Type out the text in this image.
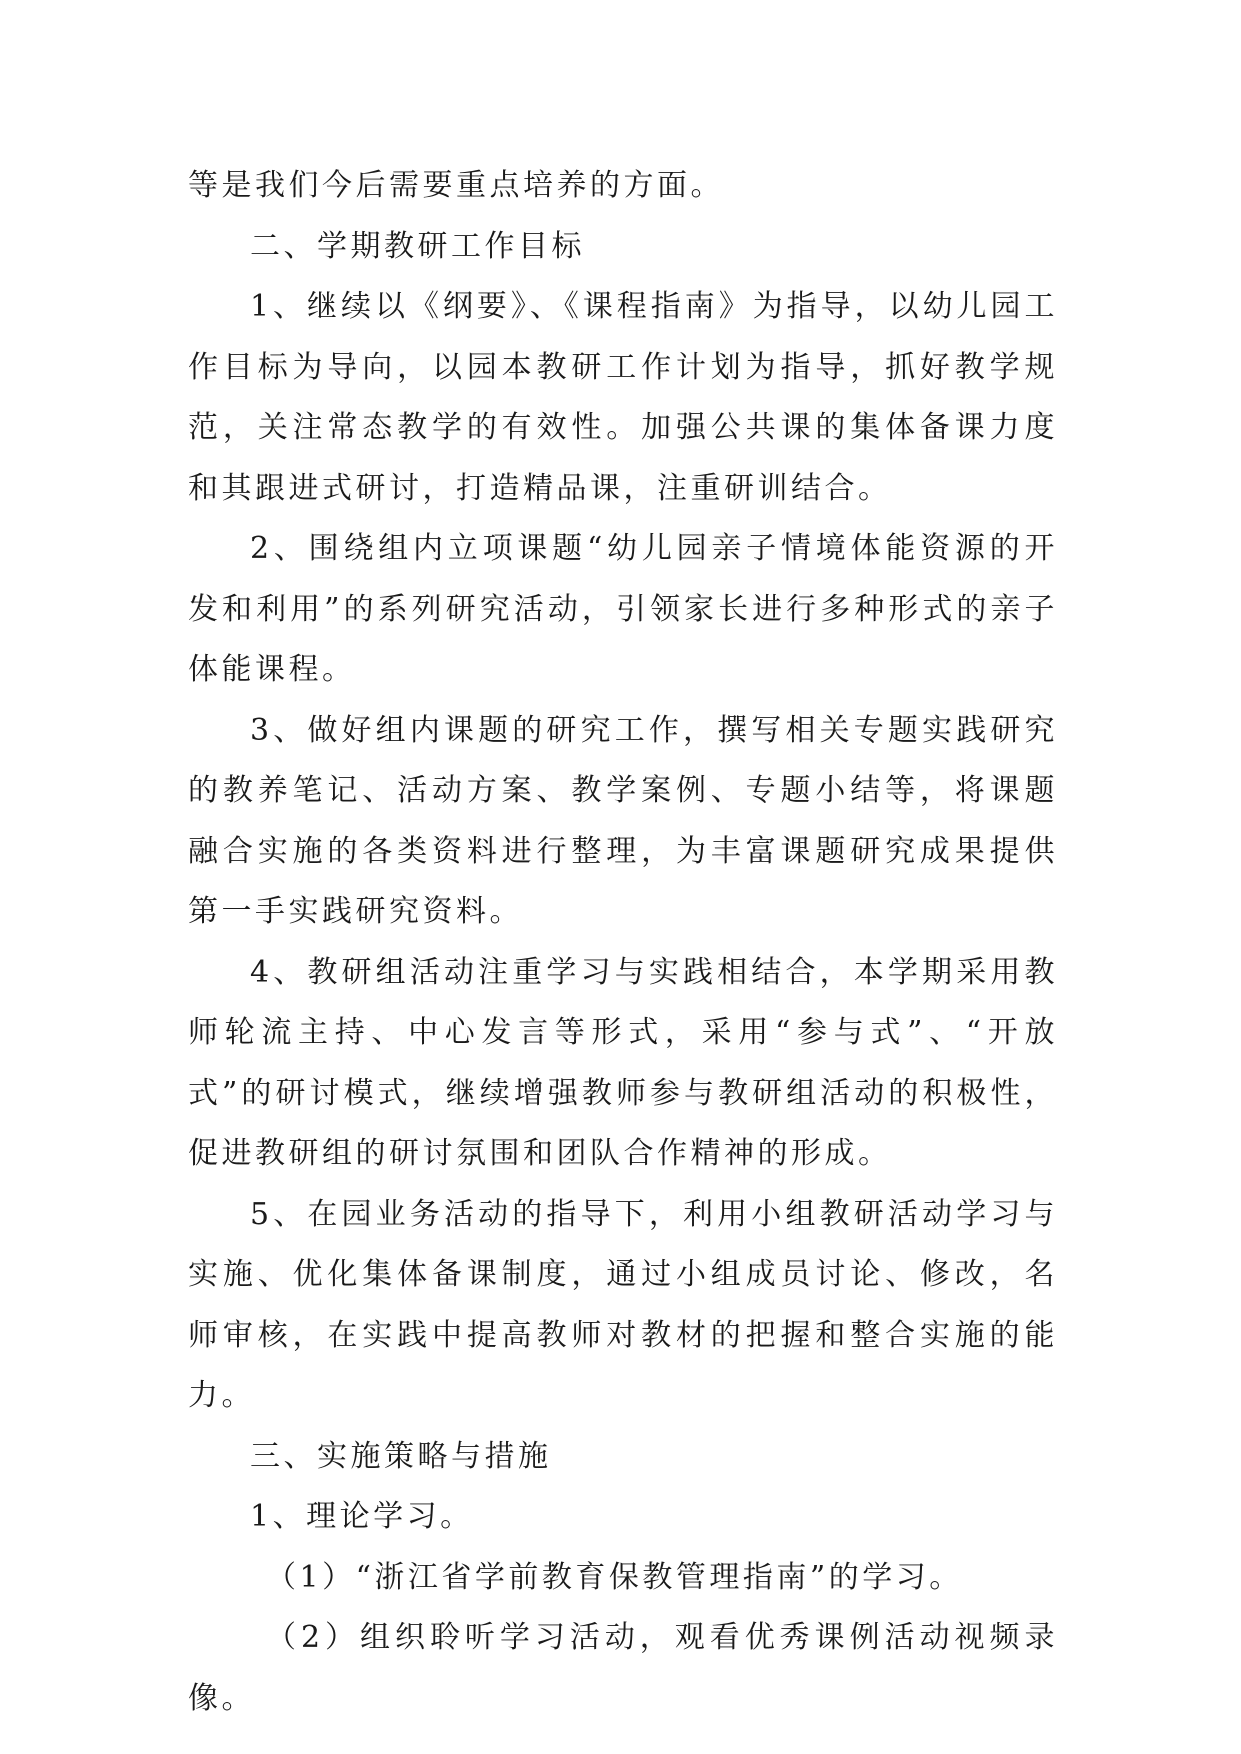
等是我们今后需要重点培养的方面。

二、学期教研工作目标

1、继续以《纲要》、《课程指南》为指导，以幼儿园工作目标为导向，以园本教研工作计划为指导，抓好教学规范，关注常态教学的有效性。加强公共课的集体备课力度和其跟进式研讨，打造精品课，注重研训结合。

2、围绕组内立项课题“幼儿园亲子情境体能资源的开发和利用”的系列研究活动，引领家长进行多种形式的亲子体能课程。

3、做好组内课题的研究工作，撰写相关专题实践研究的教养笔记、活动方案、教学案例、专题小结等，将课题融合实施的各类资料进行整理，为丰富课题研究成果提供第一手实践研究资料。

4、教研组活动注重学习与实践相结合，本学期采用教师轮流主持、中心发言等形式，采用“参与式”、“开放式”的研讨模式，继续增强教师参与教研组活动的积极性，促进教研组的研讨氛围和团队合作精神的形成。

5、在园业务活动的指导下，利用小组教研活动学习与实施、优化集体备课制度，通过小组成员讨论、修改，名师审核，在实践中提高教师对教材的把握和整合实施的能力。

三、实施策略与措施

1、理论学习。

（1）“浙江省学前教育保教管理指南”的学习。

（2）组织聆听学习活动，观看优秀课例活动视频录像。
